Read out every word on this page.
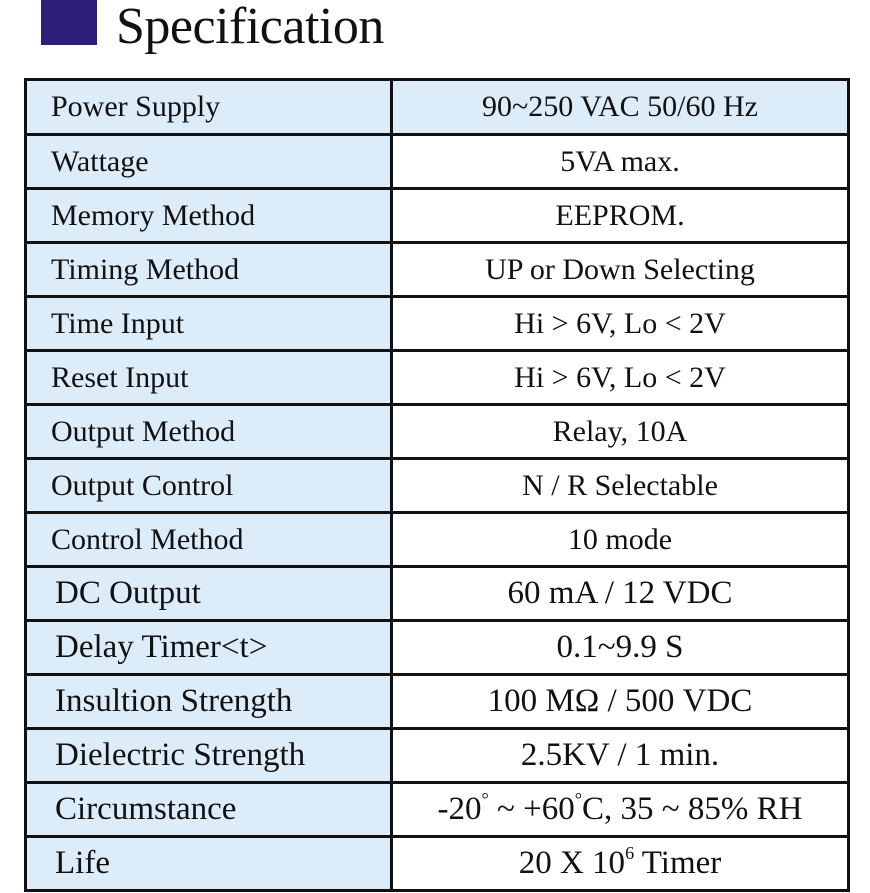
Specification
Power Supply	90~250 VAC 50/60 Hz
Wattage	5VA max.
Memory Method	EEPROM.
Timing Method	UP or Down Selecting
Time Input	Hi > 6V, Lo < 2V
Reset Input	Hi > 6V, Lo < 2V
Output Method	Relay, 10A
Output Control	N / R Selectable
Control Method	10 mode
DC Output	60 mA / 12 VDC
Delay Timer<t>	0.1~9.9 S
Insultion Strength	100 MΩ / 500 VDC
Dielectric Strength	2.5KV / 1 min.
Circumstance	-20° ~ +60°C, 35 ~ 85% RH
Life	20 X $10^6$ Timer
